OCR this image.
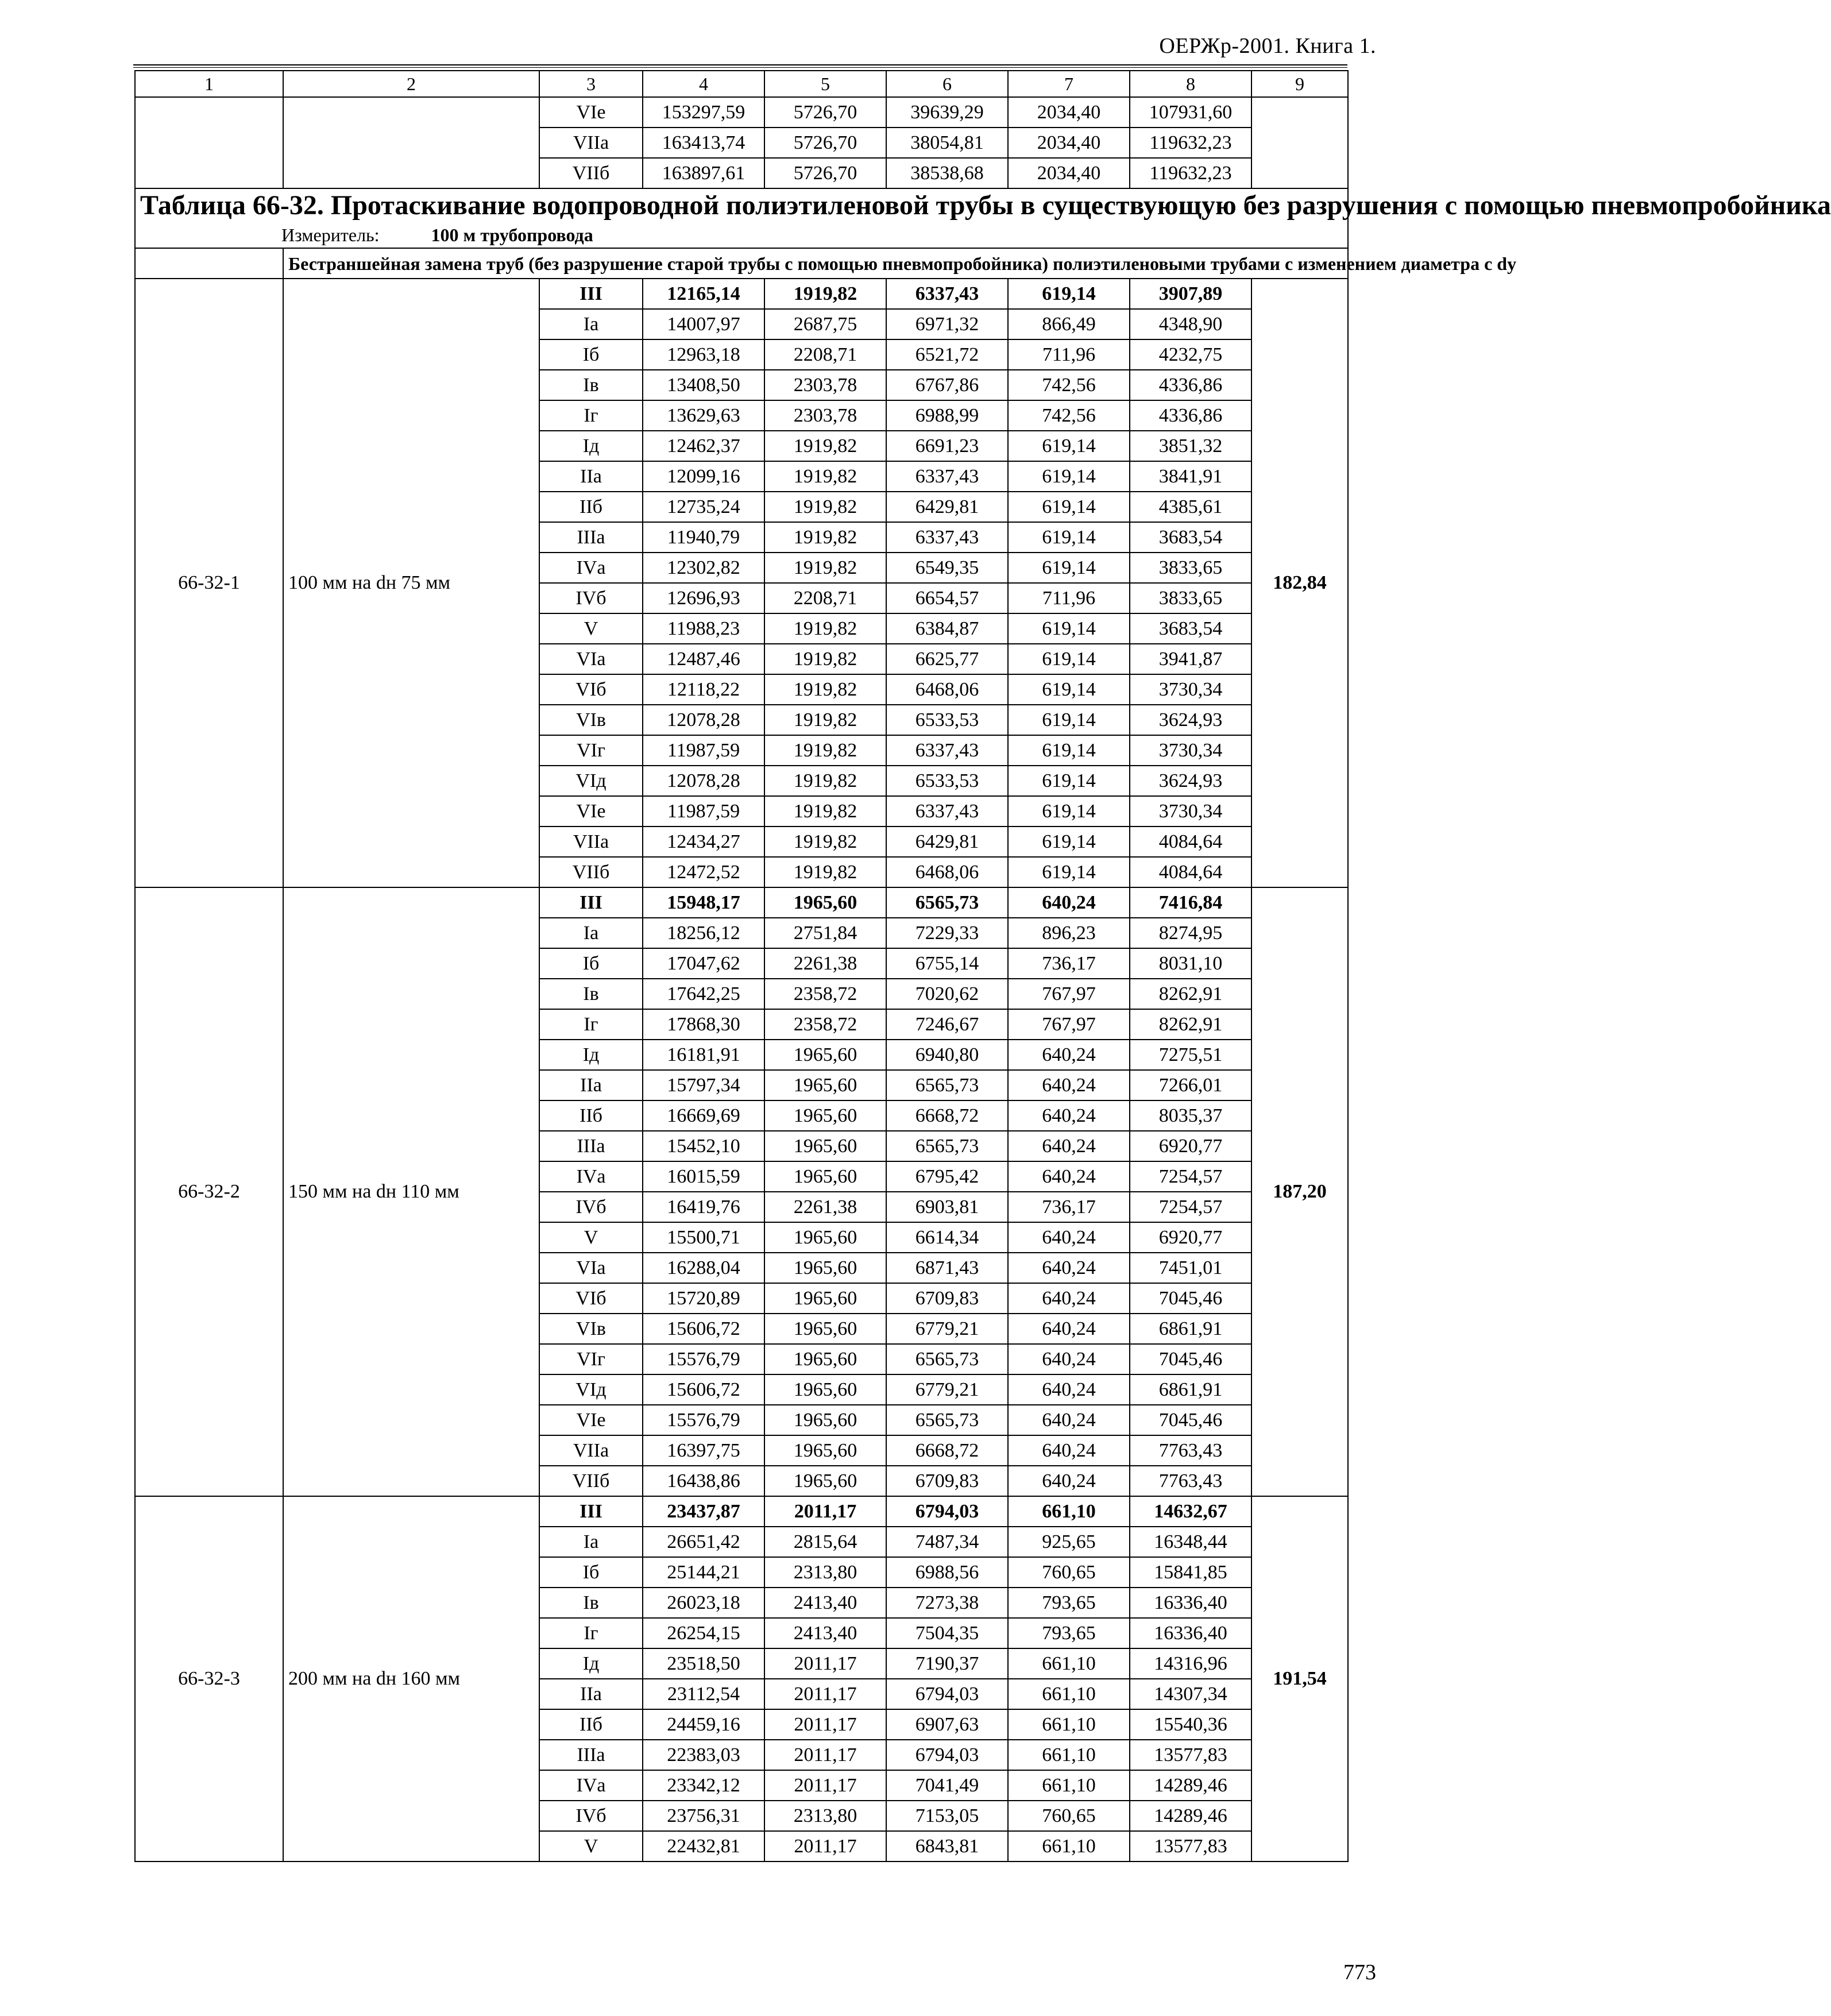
ОЕРЖр-2001. Книга 1.
1	2	3	4	5	6	7	8	9
		VIе	153297,59	5726,70	39639,29	2034,40	107931,60	
		VIIа	163413,74	5726,70	38054,81	2034,40	119632,23	
		VIIб	163897,61	5726,70	38538,68	2034,40	119632,23	

Таблица 66-32. Протаскивание водопроводной полиэтиленовой трубы в существующую без разрушения с помощью пневмопробойника
Измеритель: 100 м трубопровода								

	Бестраншейная замена труб (без разрушение старой трубы с помощью пневмопробойника) полиэтиленовыми трубами с изменением диаметра с dy							
66-32-1	100 мм на dн 75 мм	III	12165,14	1919,82	6337,43	619,14	3907,89	182,84
		Iа	14007,97	2687,75	6971,32	866,49	4348,90	
		Iб	12963,18	2208,71	6521,72	711,96	4232,75	
		Iв	13408,50	2303,78	6767,86	742,56	4336,86	
		Iг	13629,63	2303,78	6988,99	742,56	4336,86	
		Iд	12462,37	1919,82	6691,23	619,14	3851,32	
		IIа	12099,16	1919,82	6337,43	619,14	3841,91	
		IIб	12735,24	1919,82	6429,81	619,14	4385,61	
		IIIа	11940,79	1919,82	6337,43	619,14	3683,54	
		IVа	12302,82	1919,82	6549,35	619,14	3833,65	
		IVб	12696,93	2208,71	6654,57	711,96	3833,65	
		V	11988,23	1919,82	6384,87	619,14	3683,54	
		VIа	12487,46	1919,82	6625,77	619,14	3941,87	
		VIб	12118,22	1919,82	6468,06	619,14	3730,34	
		VIв	12078,28	1919,82	6533,53	619,14	3624,93	
		VIг	11987,59	1919,82	6337,43	619,14	3730,34	
		VIд	12078,28	1919,82	6533,53	619,14	3624,93	
		VIе	11987,59	1919,82	6337,43	619,14	3730,34	
		VIIа	12434,27	1919,82	6429,81	619,14	4084,64	
		VIIб	12472,52	1919,82	6468,06	619,14	4084,64	
66-32-2	150 мм на dн 110 мм	III	15948,17	1965,60	6565,73	640,24	7416,84	187,20
		Iа	18256,12	2751,84	7229,33	896,23	8274,95	
		Iб	17047,62	2261,38	6755,14	736,17	8031,10	
		Iв	17642,25	2358,72	7020,62	767,97	8262,91	
		Iг	17868,30	2358,72	7246,67	767,97	8262,91	
		Iд	16181,91	1965,60	6940,80	640,24	7275,51	
		IIа	15797,34	1965,60	6565,73	640,24	7266,01	
		IIб	16669,69	1965,60	6668,72	640,24	8035,37	
		IIIа	15452,10	1965,60	6565,73	640,24	6920,77	
		IVа	16015,59	1965,60	6795,42	640,24	7254,57	
		IVб	16419,76	2261,38	6903,81	736,17	7254,57	
		V	15500,71	1965,60	6614,34	640,24	6920,77	
		VIа	16288,04	1965,60	6871,43	640,24	7451,01	
		VIб	15720,89	1965,60	6709,83	640,24	7045,46	
		VIв	15606,72	1965,60	6779,21	640,24	6861,91	
		VIг	15576,79	1965,60	6565,73	640,24	7045,46	
		VIд	15606,72	1965,60	6779,21	640,24	6861,91	
		VIе	15576,79	1965,60	6565,73	640,24	7045,46	
		VIIа	16397,75	1965,60	6668,72	640,24	7763,43	
		VIIб	16438,86	1965,60	6709,83	640,24	7763,43	
66-32-3	200 мм на dн 160 мм	III	23437,87	2011,17	6794,03	661,10	14632,67	191,54
		Iа	26651,42	2815,64	7487,34	925,65	16348,44	
		Iб	25144,21	2313,80	6988,56	760,65	15841,85	
		Iв	26023,18	2413,40	7273,38	793,65	16336,40	
		Iг	26254,15	2413,40	7504,35	793,65	16336,40	
		Iд	23518,50	2011,17	7190,37	661,10	14316,96	
		IIа	23112,54	2011,17	6794,03	661,10	14307,34	
		IIб	24459,16	2011,17	6907,63	661,10	15540,36	
		IIIа	22383,03	2011,17	6794,03	661,10	13577,83	
		IVа	23342,12	2011,17	7041,49	661,10	14289,46	
		IVб	23756,31	2313,80	7153,05	760,65	14289,46	
		V	22432,81	2011,17	6843,81	661,10	13577,83	
773
